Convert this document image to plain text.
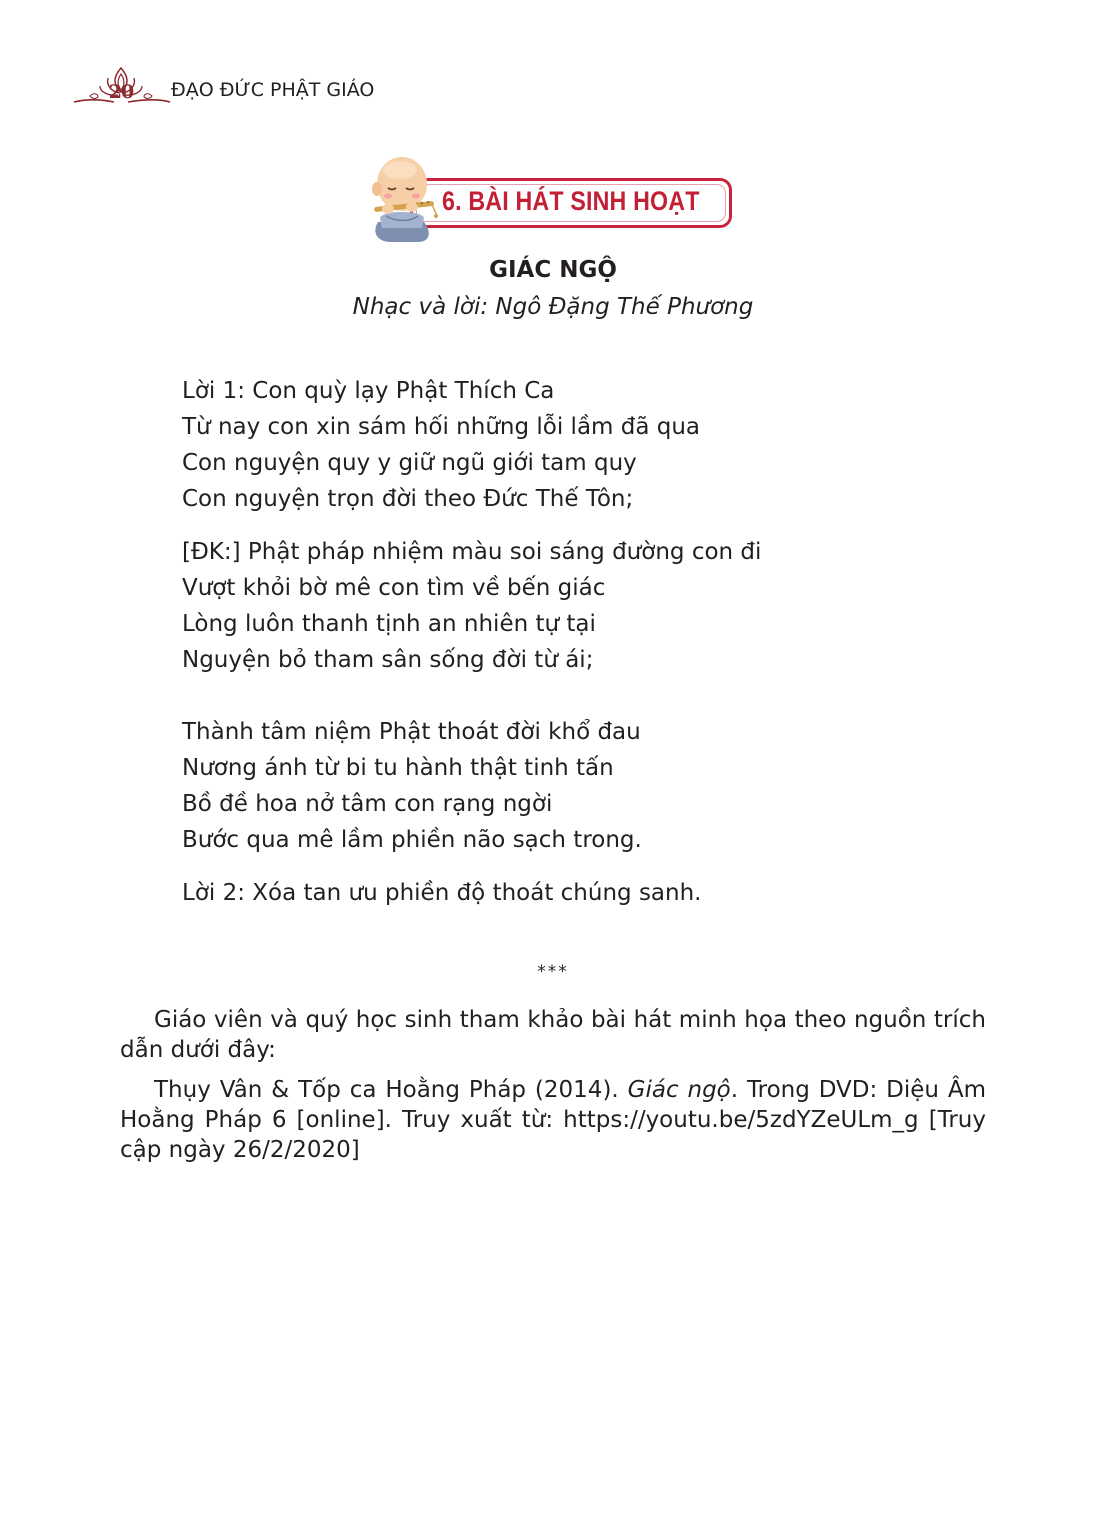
20 ĐẠO ĐỨC PHẬT GIÁO
6. BÀI HÁT SINH HOẠT
GIÁC NGỘ
Nhạc và lời: Ngô Đặng Thế Phương
Lời 1: Con quỳ lạy Phật Thích Ca
Từ nay con xin sám hối những lỗi lầm đã qua
Con nguyện quy y giữ ngũ giới tam quy
Con nguyện trọn đời theo Đức Thế Tôn;
[ĐK:] Phật pháp nhiệm màu soi sáng đường con đi
Vượt khỏi bờ mê con tìm về bến giác
Lòng luôn thanh tịnh an nhiên tự tại
Nguyện bỏ tham sân sống đời từ ái;
Thành tâm niệm Phật thoát đời khổ đau
Nương ánh từ bi tu hành thật tinh tấn
Bồ đề hoa nở tâm con rạng ngời
Bước qua mê lầm phiền não sạch trong.
Lời 2: Xóa tan ưu phiền độ thoát chúng sanh.
***
Giáo viên và quý học sinh tham khảo bài hát minh họa theo nguồn trích dẫn dưới đây:
Thụy Vân & Tốp ca Hoằng Pháp (2014). Giác ngộ. Trong DVD: Diệu Âm Hoằng Pháp 6 [online]. Truy xuất từ: https://youtu.be/5zdYZeULm_g [Truy cập ngày 26/2/2020]
